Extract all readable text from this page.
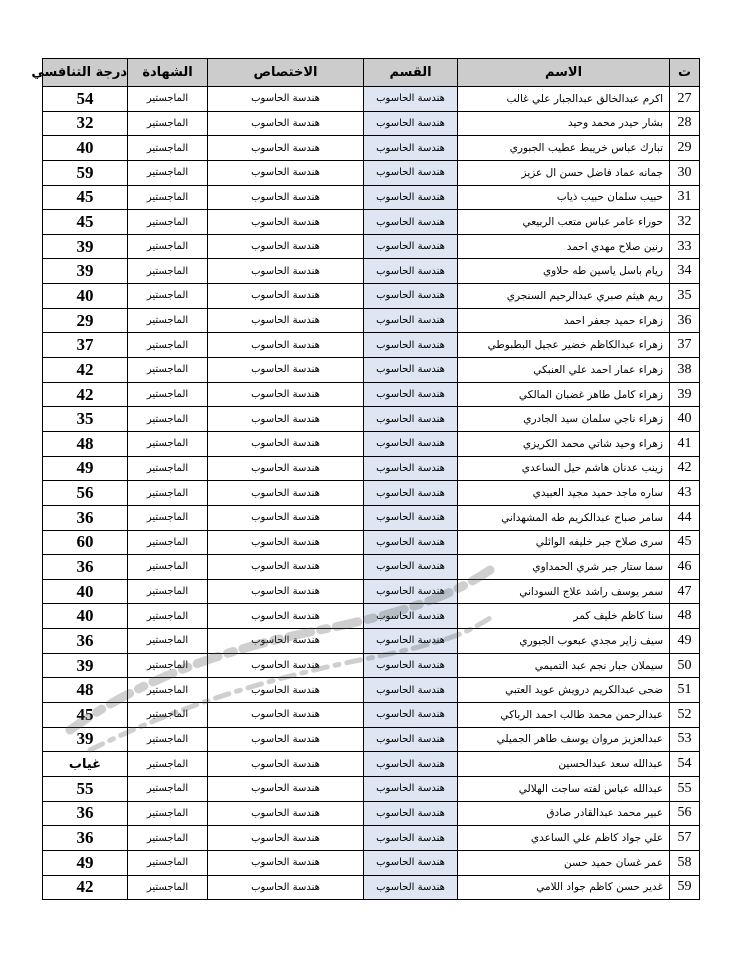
ت	الاسم	القسم	الاختصاص	الشهادة	درجة التنافسي
27	اكرم عبدالخالق عبدالجبار علي غالب	هندسة الحاسوب	هندسة الحاسوب	الماجستير	54
28	بشار حيدر محمد وحيد	هندسة الحاسوب	هندسة الحاسوب	الماجستير	32
29	تبارك عباس خريبط عطيب الجبوري	هندسة الحاسوب	هندسة الحاسوب	الماجستير	40
30	جمانه عماد فاضل حسن ال عزيز	هندسة الحاسوب	هندسة الحاسوب	الماجستير	59
31	حبيب سلمان حبيب ذياب	هندسة الحاسوب	هندسة الحاسوب	الماجستير	45
32	حوراء عامر عباس متعب الربيعي	هندسة الحاسوب	هندسة الحاسوب	الماجستير	45
33	رنين صلاح مهدي احمد	هندسة الحاسوب	هندسة الحاسوب	الماجستير	39
34	ريام باسل ياسين طه حلاوي	هندسة الحاسوب	هندسة الحاسوب	الماجستير	39
35	ريم هيثم صبري عبدالرحيم السنجري	هندسة الحاسوب	هندسة الحاسوب	الماجستير	40
36	زهراء حميد جعفر احمد	هندسة الحاسوب	هندسة الحاسوب	الماجستير	29
37	زهراء عبدالكاظم خضير عجيل البطبوطي	هندسة الحاسوب	هندسة الحاسوب	الماجستير	37
38	زهراء عمار احمد علي العنبكي	هندسة الحاسوب	هندسة الحاسوب	الماجستير	42
39	زهراء كامل طاهر غضبان المالكي	هندسة الحاسوب	هندسة الحاسوب	الماجستير	42
40	زهراء ناجي سلمان سيد الجادري	هندسة الحاسوب	هندسة الحاسوب	الماجستير	35
41	زهراء وحيد شاتي محمد الكريزي	هندسة الحاسوب	هندسة الحاسوب	الماجستير	48
42	زينب عدنان هاشم حيل الساعدي	هندسة الحاسوب	هندسة الحاسوب	الماجستير	49
43	ساره ماجد حميد مجيد العبيدي	هندسة الحاسوب	هندسة الحاسوب	الماجستير	56
44	سامر صباح عبدالكريم طه المشهداني	هندسة الحاسوب	هندسة الحاسوب	الماجستير	36
45	سرى صلاح جبر خليفه الوائلي	هندسة الحاسوب	هندسة الحاسوب	الماجستير	60
46	سما ستار جبر شري الحمداوي	هندسة الحاسوب	هندسة الحاسوب	الماجستير	36
47	سمر يوسف راشد علاج السوداني	هندسة الحاسوب	هندسة الحاسوب	الماجستير	40
48	سنا كاظم خليف كمر	هندسة الحاسوب	هندسة الحاسوب	الماجستير	40
49	سيف زاير مجدي عبعوب الجبوري	هندسة الحاسوب	هندسة الحاسوب	الماجستير	36
50	سيملان جبار نجم عبد التميمي	هندسة الحاسوب	هندسة الحاسوب	الماجستير	39
51	ضحى عبدالكريم درويش عويد العتبي	هندسة الحاسوب	هندسة الحاسوب	الماجستير	48
52	عبدالرحمن محمد طالب احمد الرباكي	هندسة الحاسوب	هندسة الحاسوب	الماجستير	45
53	عبدالعزيز مروان يوسف طاهر الجميلي	هندسة الحاسوب	هندسة الحاسوب	الماجستير	39
54	عبدالله سعد عبدالحسين	هندسة الحاسوب	هندسة الحاسوب	الماجستير	غياب
55	عبدالله عباس لفته ساجت الهلالي	هندسة الحاسوب	هندسة الحاسوب	الماجستير	55
56	عبير محمد عبدالقادر صادق	هندسة الحاسوب	هندسة الحاسوب	الماجستير	36
57	علي جواد كاظم علي الساعدي	هندسة الحاسوب	هندسة الحاسوب	الماجستير	36
58	عمر غسان حميد حسن	هندسة الحاسوب	هندسة الحاسوب	الماجستير	49
59	غدير حسن كاظم جواد اللامي	هندسة الحاسوب	هندسة الحاسوب	الماجستير	42
